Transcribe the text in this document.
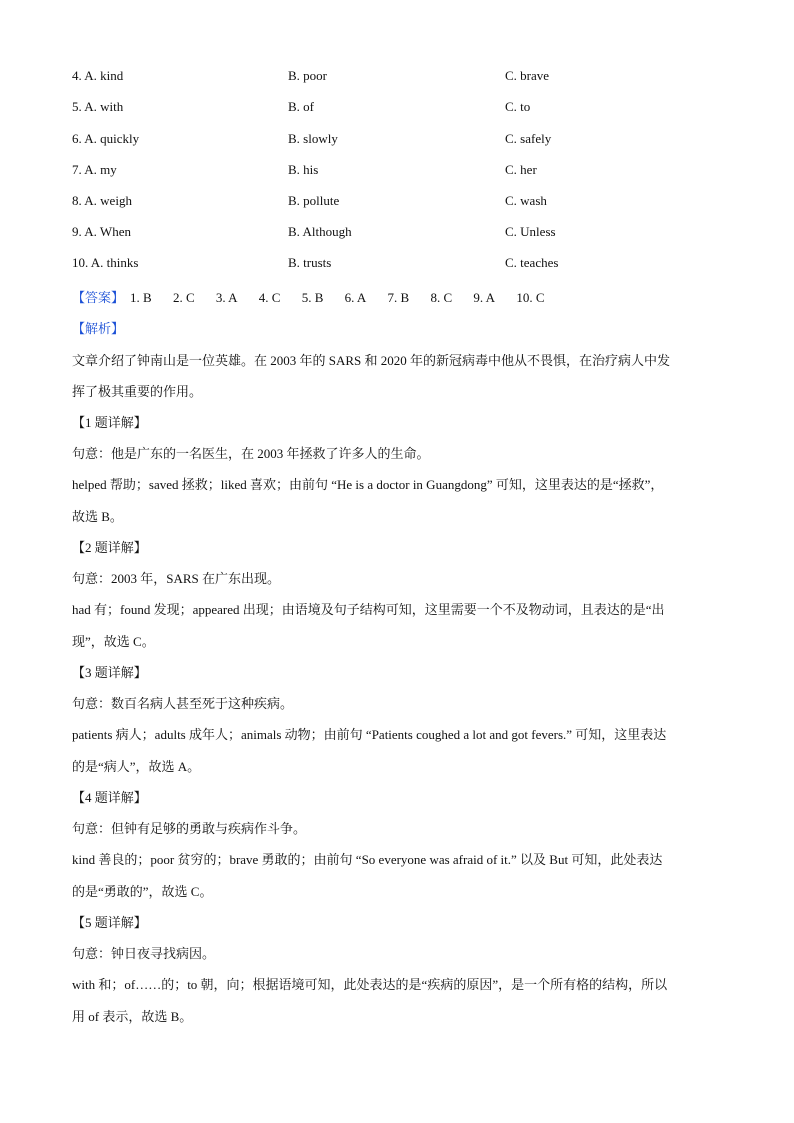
4. A. kind	B. poor	C. brave
5. A. with	B. of	C. to
6. A. quickly	B. slowly	C. safely
7. A. my	B. his	C. her
8. A. weigh	B. pollute	C. wash
9. A. When	B. Although	C. Unless
10. A. thinks	B. trusts	C. teaches
【答案】 1. B 2. C 3. A 4. C 5. B 6. A 7. B 8. C 9. A 10. C
【解析】
文章介绍了钟南山是一位英雄。在 2003 年的 SARS 和 2020 年的新冠病毒中他从不畏惧，在治疗病人中发
挥了极其重要的作用。
【1 题详解】
句意：他是广东的一名医生，在 2003 年拯救了许多人的生命。
helped 帮助；saved 拯救；liked 喜欢；由前句 “He is a doctor in Guangdong” 可知，这里表达的是“拯救”，
故选 B。
【2 题详解】
句意：2003 年，SARS 在广东出现。
had 有；found 发现；appeared 出现；由语境及句子结构可知，这里需要一个不及物动词，且表达的是“出
现”，故选 C。
【3 题详解】
句意：数百名病人甚至死于这种疾病。
patients 病人；adults 成年人；animals 动物；由前句 “Patients coughed a lot and got fevers.” 可知，这里表达
的是“病人”，故选 A。
【4 题详解】
句意：但钟有足够的勇敢与疾病作斗争。
kind 善良的；poor 贫穷的；brave 勇敢的；由前句 “So everyone was afraid of it.” 以及 But 可知，此处表达
的是“勇敢的”，故选 C。
【5 题详解】
句意：钟日夜寻找病因。
with 和；of……的；to 朝，向；根据语境可知，此处表达的是“疾病的原因”，是一个所有格的结构，所以
用 of 表示，故选 B。
